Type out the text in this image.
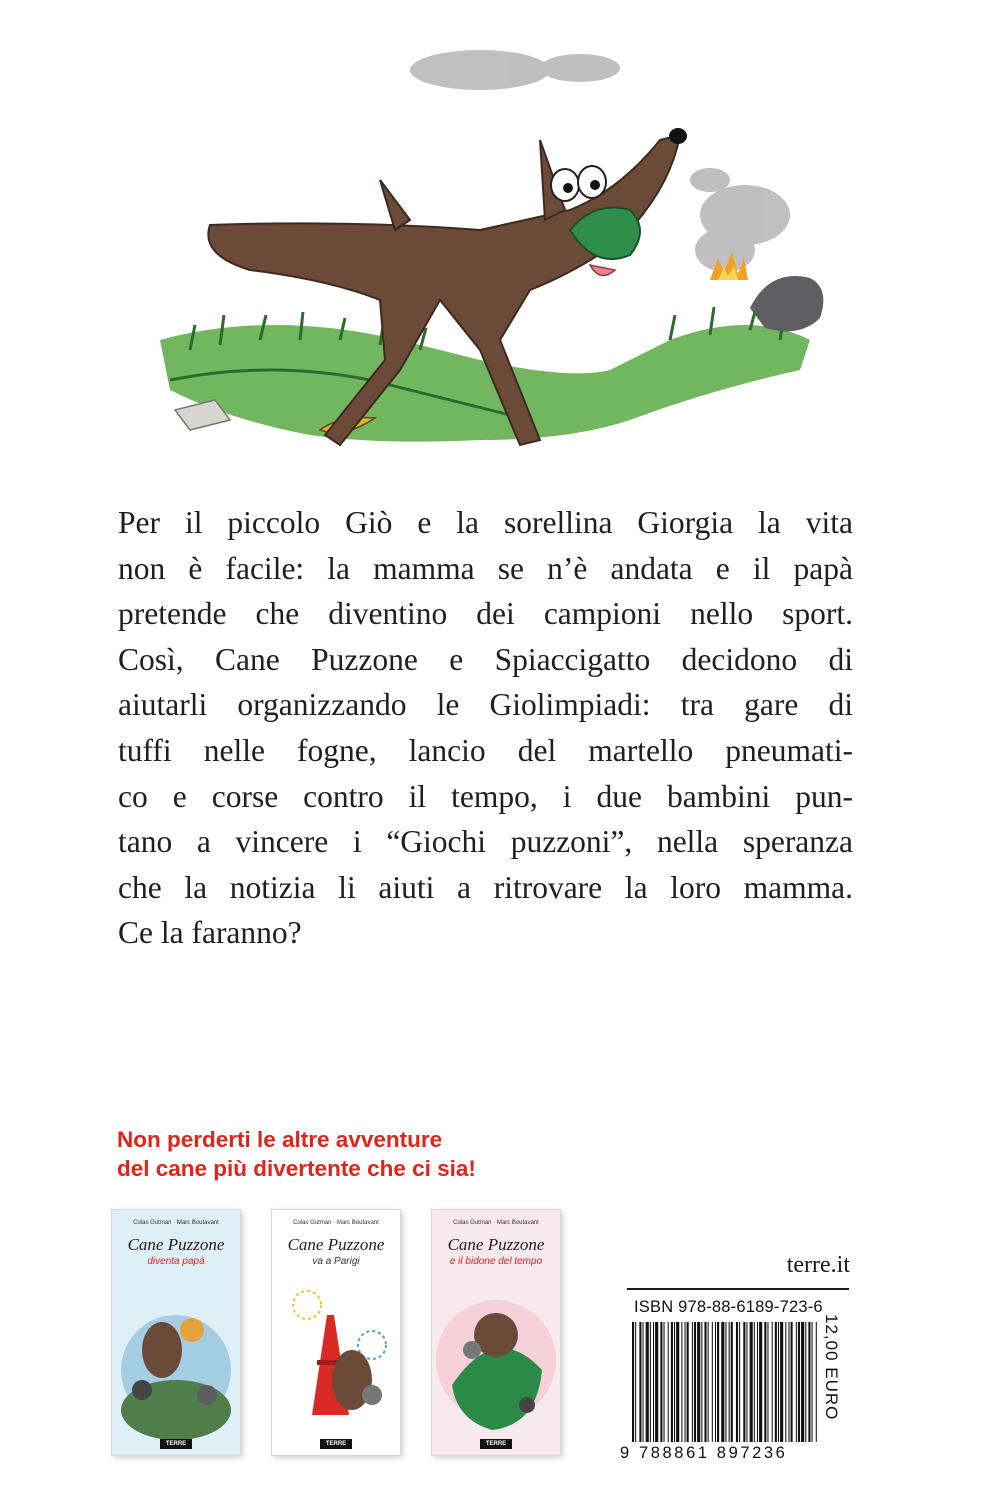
Per il piccolo Giò e la sorellina Giorgia la vita
non è facile: la mamma se n’è andata e il papà
pretende che diventino dei campioni nello sport.
Così, Cane Puzzone e Spiaccigatto decidono di
aiutarli organizzando le Giolimpiadi: tra gare di
tuffi nelle fogne, lancio del martello pneumati-
co e corse contro il tempo, i due bambini pun-
tano a vincere i “Giochi puzzoni”, nella speranza
che la notizia li aiuti a ritrovare la loro mamma.
Ce la faranno?
Non perderti le altre avventure
del cane più divertente che ci sia!
Colas Gutman · Marc Boutavant
Cane Puzzone
diventa papà
TERRE
Colas Gutman · Marc Boutavant
Cane Puzzone
va a Parigi
TERRE
Colas Gutman · Marc Boutavant
Cane Puzzone
e il bidone del tempo
TERRE
terre.it
ISBN 978-88-6189-723-6
9 788861 897236
12,00 EURO
